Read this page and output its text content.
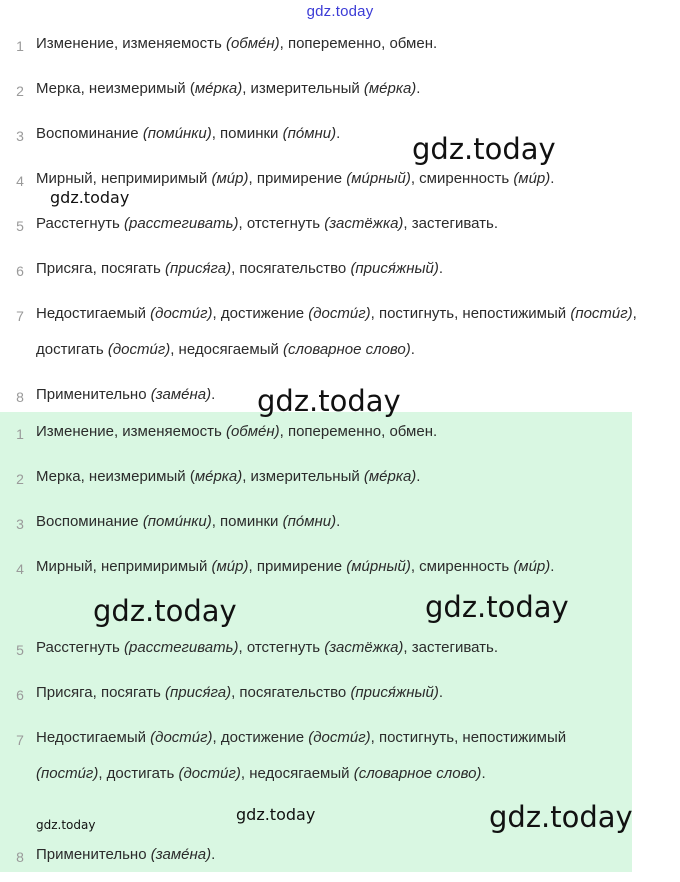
gdz.today
1 Изменение, изменяемость (обме́н), попеременно, обмен.
2 Мерка, неизмеримый (ме́рка), измерительный (ме́рка).
3 Воспоминание (поми́нки), поминки (по́мни).
4 Мирный, непримиримый (ми́р), примирение (ми́рный), смиренность (ми́р).
5 Расстегнуть (расстегивать), отстегнуть (застёжка), застегивать.
6 Присяга, посягать (прися́га), посягательство (прися́жный).
7 Недостигаемый (дости́г), достижение (дости́г), постигнуть, непостижимый (пости́г), достигать (дости́г), недосягаемый (словарное слово).
8 Применительно (заме́на).
1 Изменение, изменяемость (обме́н), попеременно, обмен.
2 Мерка, неизмеримый (ме́рка), измерительный (ме́рка).
3 Воспоминание (поми́нки), поминки (по́мни).
4 Мирный, непримиримый (ми́р), примирение (ми́рный), смиренность (ми́р).
5 Расстегнуть (расстегивать), отстегнуть (застёжка), застегивать.
6 Присяга, посягать (прися́га), посягательство (прися́жный).
7 Недостигаемый (дости́г), достижение (дости́г), постигнуть, непостижимый (пости́г), достигать (дости́г), недосягаемый (словарное слово).
8 Применительно (заме́на).
gdz.today
gdz.today
gdz.today
gdz.today	gdz.today
gdz.today
gdz.today	gdz.today
